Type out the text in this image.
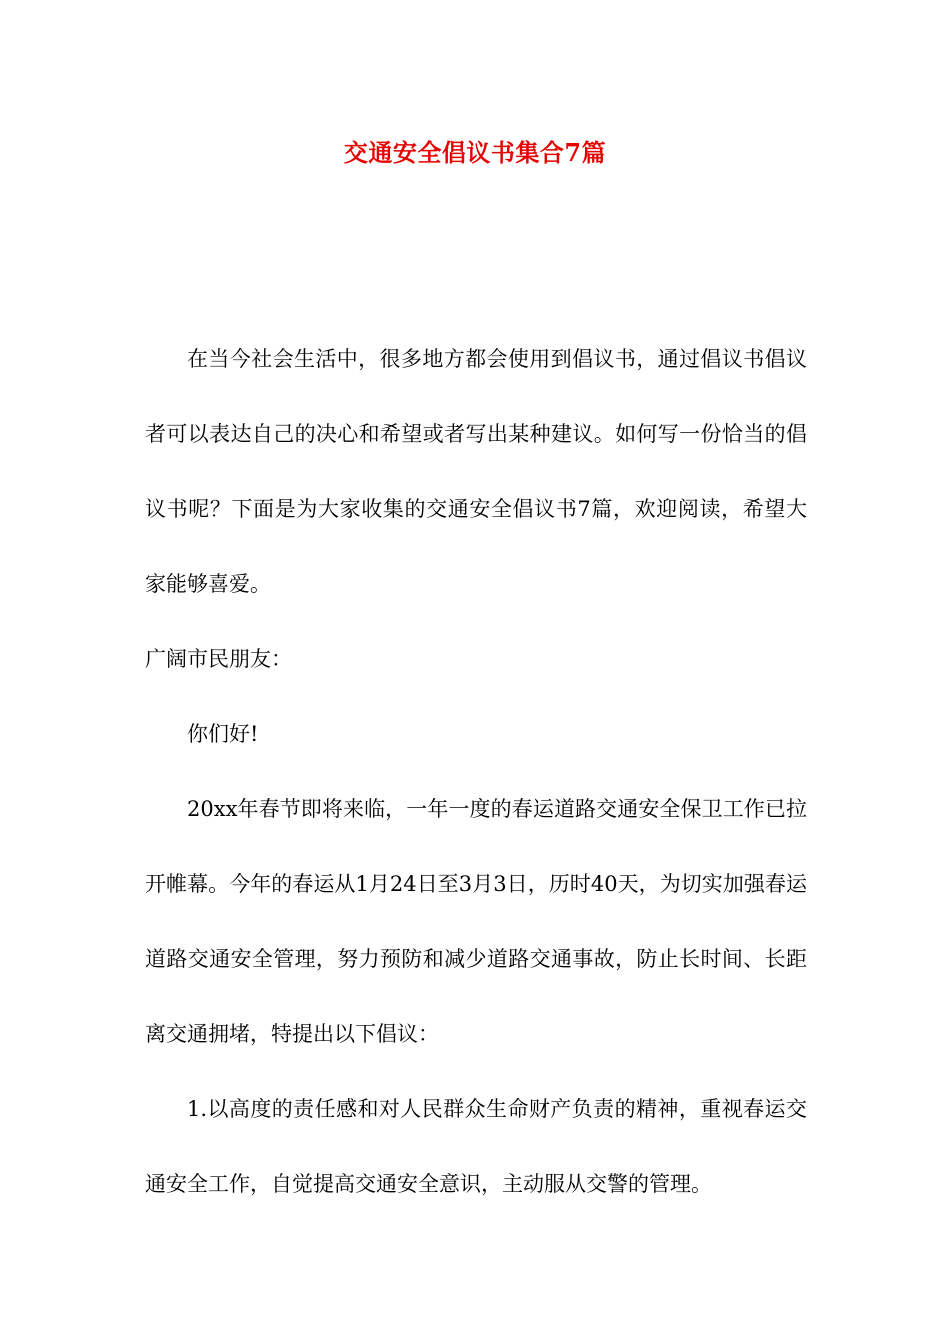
交通安全倡议书集合7篇

在当今社会生活中，很多地方都会使用到倡议书，通过倡议书倡议者可以表达自己的决心和希望或者写出某种建议。如何写一份恰当的倡议书呢？下面是为大家收集的交通安全倡议书7篇，欢迎阅读，希望大家能够喜爱。

广阔市民朋友：

你们好!

20xx年春节即将来临，一年一度的春运道路交通安全保卫工作已拉开帷幕。今年的春运从1月24日至3月3日，历时40天，为切实加强春运道路交通安全管理，努力预防和减少道路交通事故，防止长时间、长距离交通拥堵，特提出以下倡议：

1.以高度的责任感和对人民群众生命财产负责的精神，重视春运交通安全工作，自觉提高交通安全意识，主动服从交警的管理。
